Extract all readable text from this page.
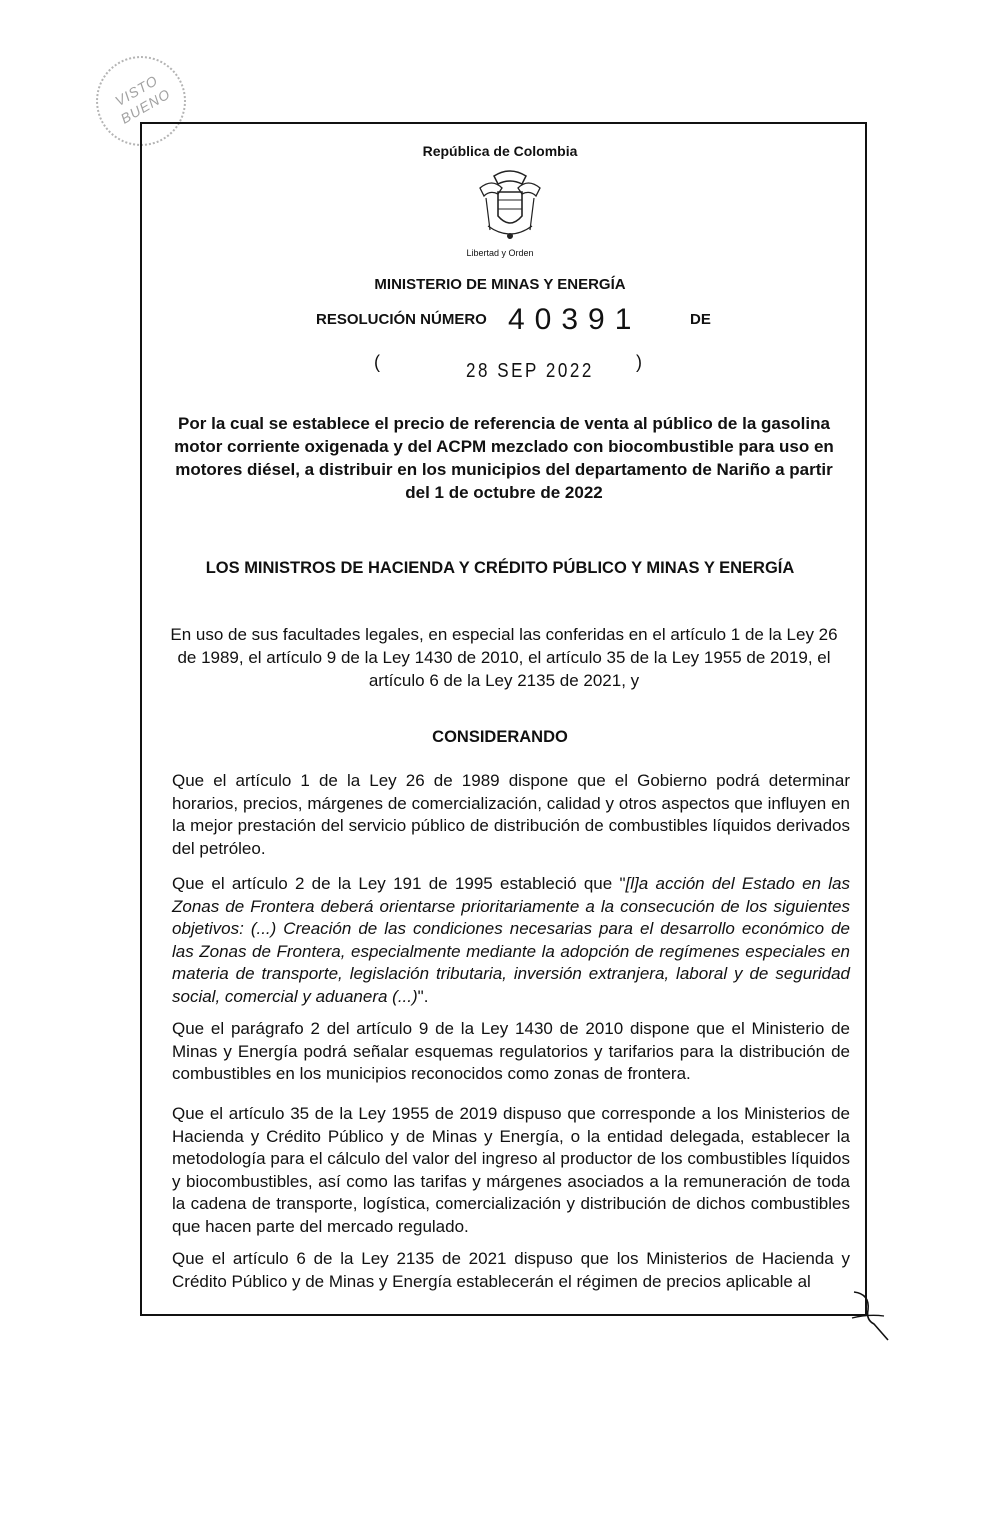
VISTO BUENO
República de Colombia
Libertad y Orden
MINISTERIO DE MINAS Y ENERGÍA
RESOLUCIÓN NÚMERO 40391	DE
(	28 SEP 2022 )
Por la cual se establece el precio de referencia de venta al público de la gasolina motor corriente oxigenada y del ACPM mezclado con biocombustible para uso en motores diésel, a distribuir en los municipios del departamento de Nariño a partir del 1 de octubre de 2022
LOS MINISTROS DE HACIENDA Y CRÉDITO PÚBLICO Y MINAS Y ENERGÍA
En uso de sus facultades legales, en especial las conferidas en el artículo 1 de la Ley 26 de 1989, el artículo 9 de la Ley 1430 de 2010, el artículo 35 de la Ley 1955 de 2019, el artículo 6 de la Ley 2135 de 2021, y
CONSIDERANDO

Que el artículo 1 de la Ley 26 de 1989 dispone que el Gobierno podrá determinar horarios, precios, márgenes de comercialización, calidad y otros aspectos que influyen en la mejor prestación del servicio público de distribución de combustibles líquidos derivados del petróleo.

Que el artículo 2 de la Ley 191 de 1995 estableció que "[l]a acción del Estado en las Zonas de Frontera deberá orientarse prioritariamente a la consecución de los siguientes objetivos: (...) Creación de las condiciones necesarias para el desarrollo económico de las Zonas de Frontera, especialmente mediante la adopción de regímenes especiales en materia de transporte, legislación tributaria, inversión extranjera, laboral y de seguridad social, comercial y aduanera (...)".

Que el parágrafo 2 del artículo 9 de la Ley 1430 de 2010 dispone que el Ministerio de Minas y Energía podrá señalar esquemas regulatorios y tarifarios para la distribución de combustibles en los municipios reconocidos como zonas de frontera.

Que el artículo 35 de la Ley 1955 de 2019 dispuso que corresponde a los Ministerios de Hacienda y Crédito Público y de Minas y Energía, o la entidad delegada, establecer la metodología para el cálculo del valor del ingreso al productor de los combustibles líquidos y biocombustibles, así como las tarifas y márgenes asociados a la remuneración de toda la cadena de transporte, logística, comercialización y distribución de dichos combustibles que hacen parte del mercado regulado.

Que el artículo 6 de la Ley 2135 de 2021 dispuso que los Ministerios de Hacienda y Crédito Público y de Minas y Energía establecerán el régimen de precios aplicable al
